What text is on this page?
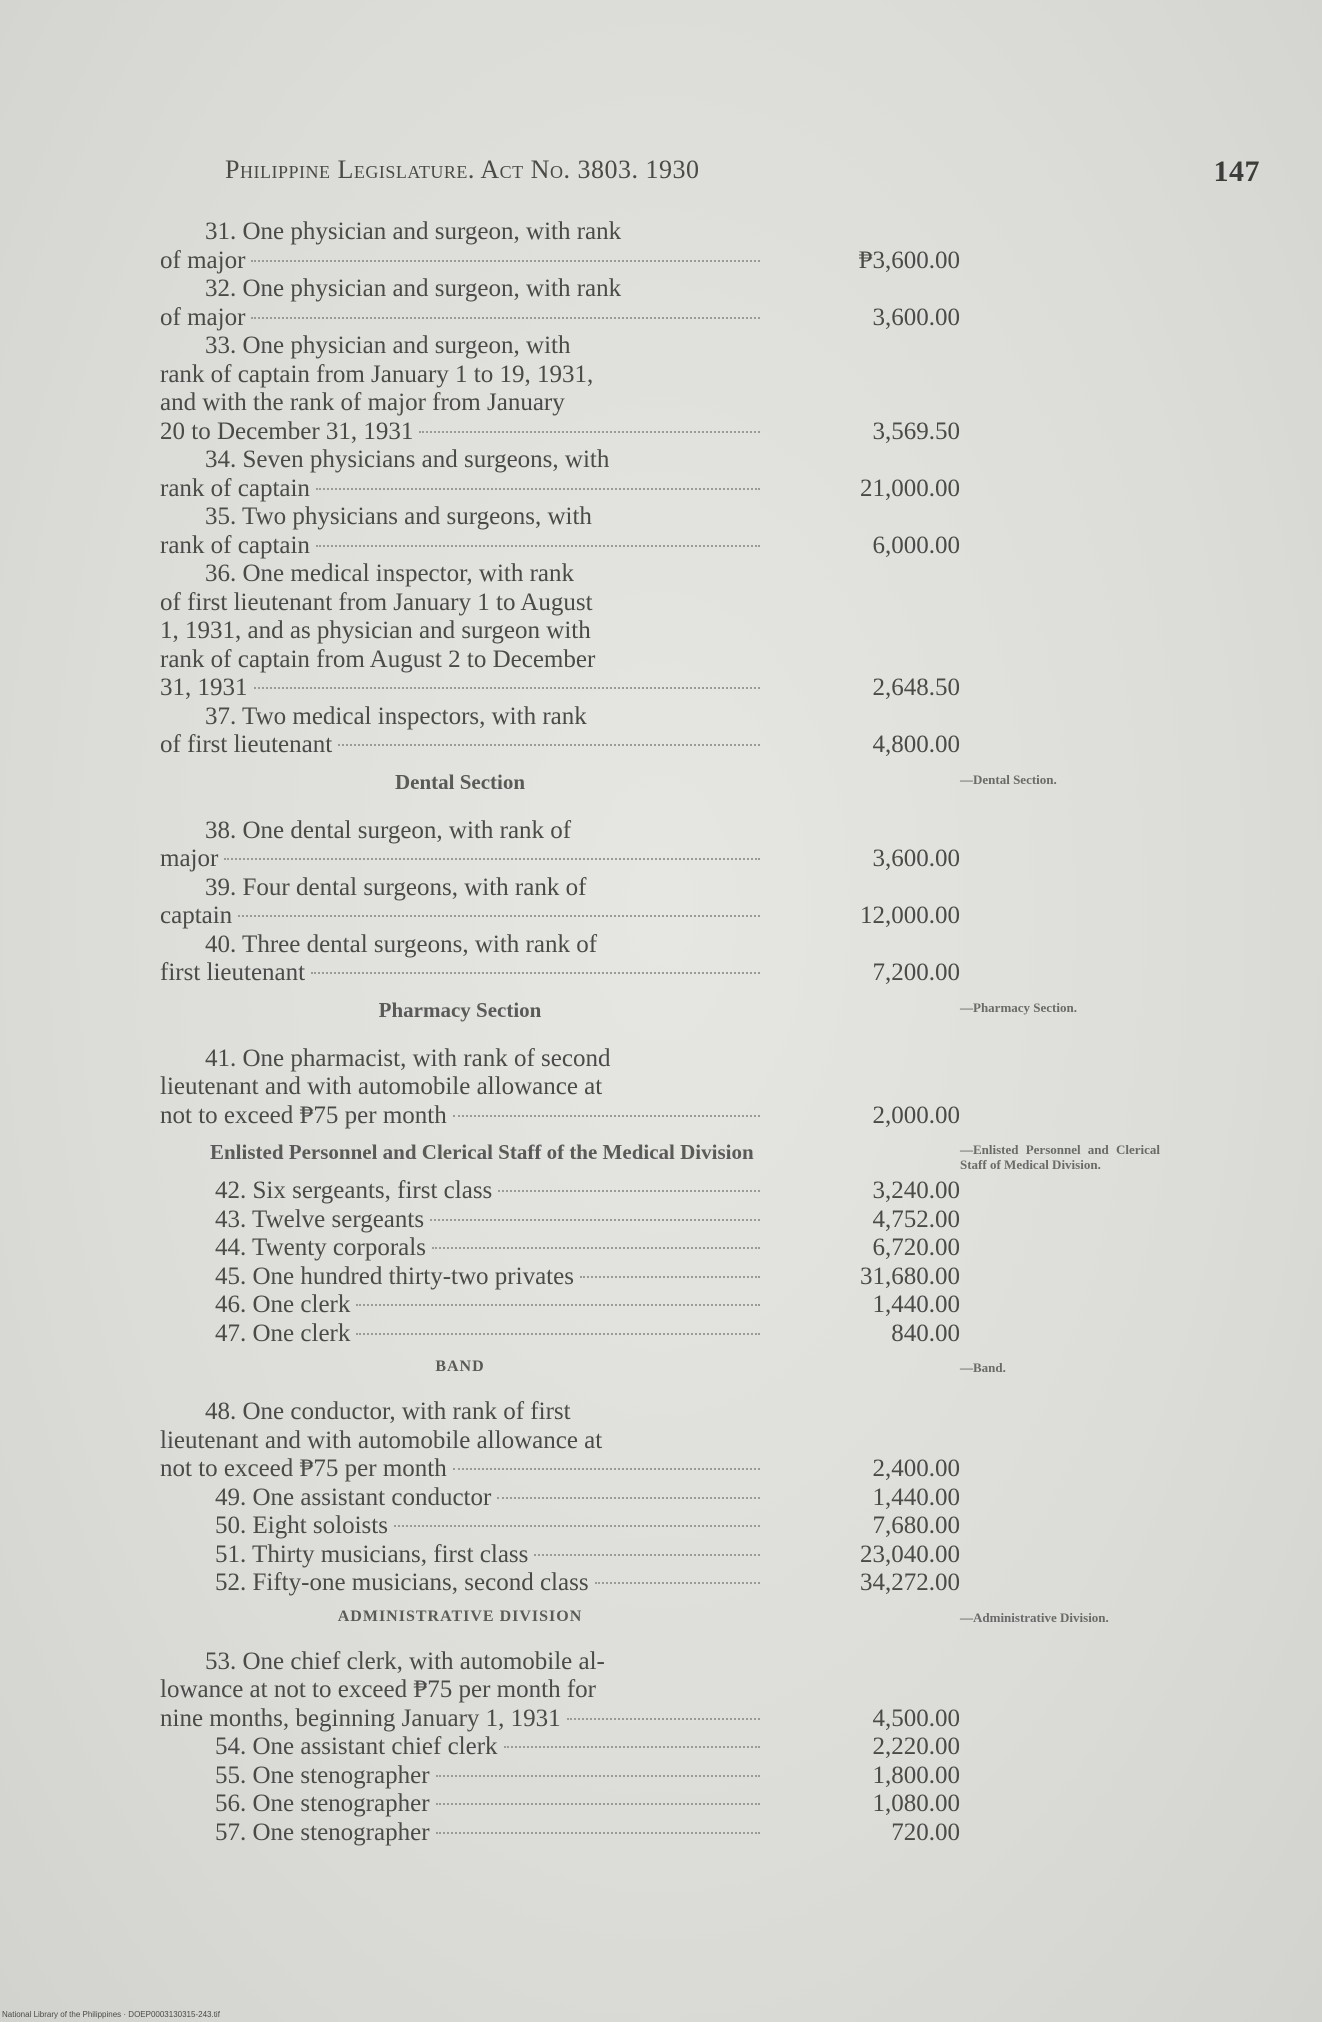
Philippine Legislature. Act No. 3803. 1930	147
31. One physician and surgeon, with rank
of major	₱3,600.00
32. One physician and surgeon, with rank
of major	3,600.00
33. One physician and surgeon, with
rank of captain from January 1 to 19, 1931,
and with the rank of major from January
20 to December 31, 1931	3,569.50
34. Seven physicians and surgeons, with
rank of captain	21,000.00
35. Two physicians and surgeons, with
rank of captain	6,000.00
36. One medical inspector, with rank
of first lieutenant from January 1 to August
1, 1931, and as physician and surgeon with
rank of captain from August 2 to December
31, 1931	2,648.50
37. Two medical inspectors, with rank
of first lieutenant	4,800.00
Dental Section
38. One dental surgeon, with rank of
major	3,600.00
39. Four dental surgeons, with rank of
captain	12,000.00
40. Three dental surgeons, with rank of
first lieutenant	7,200.00
Pharmacy Section
41. One pharmacist, with rank of second
lieutenant and with automobile allowance at
not to exceed ₱75 per month	2,000.00
Enlisted Personnel and Clerical Staff of the Medical Division
42. Six sergeants, first class	3,240.00
43. Twelve sergeants	4,752.00
44. Twenty corporals	6,720.00
45. One hundred thirty-two privates	31,680.00
46. One clerk	1,440.00
47. One clerk	840.00
BAND
48. One conductor, with rank of first
lieutenant and with automobile allowance at
not to exceed ₱75 per month	2,400.00
49. One assistant conductor	1,440.00
50. Eight soloists	7,680.00
51. Thirty musicians, first class	23,040.00
52. Fifty-one musicians, second class	34,272.00
ADMINISTRATIVE DIVISION
53. One chief clerk, with automobile al-
lowance at not to exceed ₱75 per month for
nine months, beginning January 1, 1931	4,500.00
54. One assistant chief clerk	2,220.00
55. One stenographer	1,800.00
56. One stenographer	1,080.00
57. One stenographer	720.00
—Dental Section.
—Pharmacy Section.
—Enlisted Personnel and Clerical Staff of Medical Division.
—Band.
—Administrative Division.
National Library of the Philippines · DOEP0003130315-243.tif
